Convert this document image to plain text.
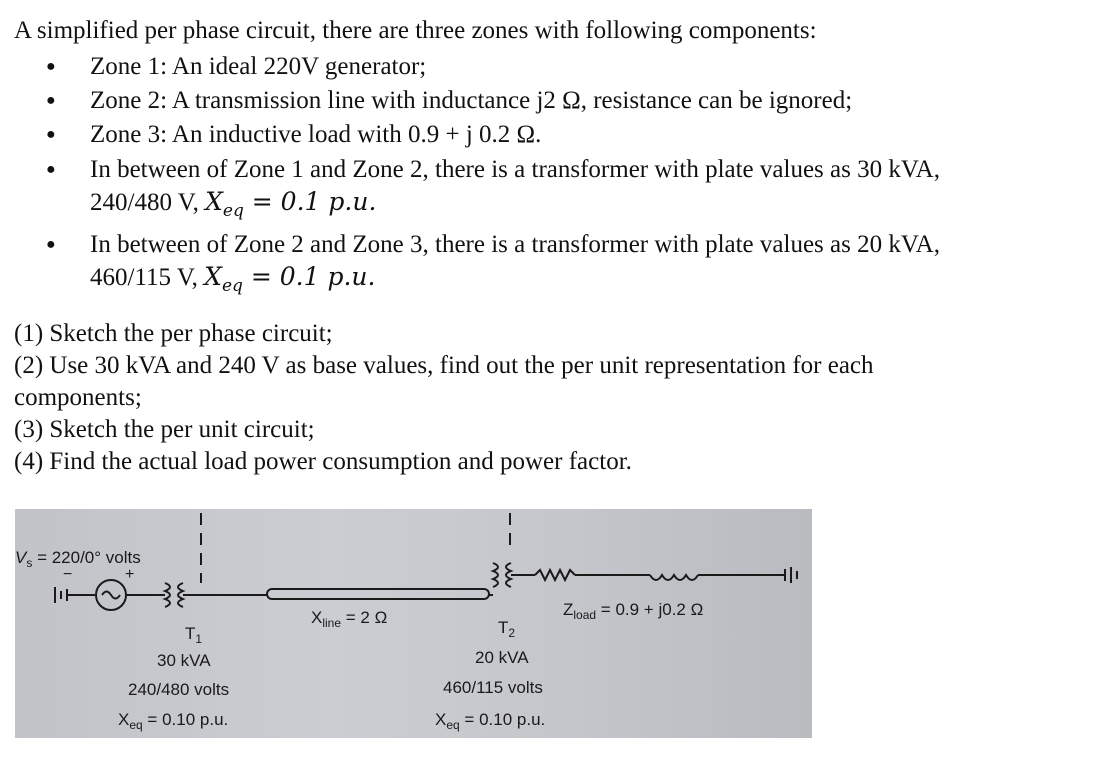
A simplified per phase circuit, there are three zones with following components:
● Zone 1: An ideal 220V generator;
● Zone 2: A transmission line with inductance j2 Ω, resistance can be ignored;
● Zone 3: An inductive load with 0.9 + j 0.2 Ω.
● In between of Zone 1 and Zone 2, there is a transformer with plate values as 30 kVA,
240/480 V, $X_{eq} = 0.1$ p.u.
● In between of Zone 2 and Zone 3, there is a transformer with plate values as 20 kVA,
460/115 V, $X_{eq} = 0.1$ p.u.
(1) Sketch the per phase circuit;
(2) Use 30 kVA and 240 V as base values, find out the per unit representation for each
components;
(3) Sketch the per unit circuit;
(4) Find the actual load power consumption and power factor.
−	+
$V_s = 220/0^\circ$ volts
$T_1$
30 kVA
240/480 volts
$X_{eq} = 0.10$ p.u.
$X_{line} = 2$ Ω
$T_2$
20 kVA
460/115 volts
$X_{eq} = 0.10$ p.u.
$Z_{load} = 0.9 + j0.2$ Ω
